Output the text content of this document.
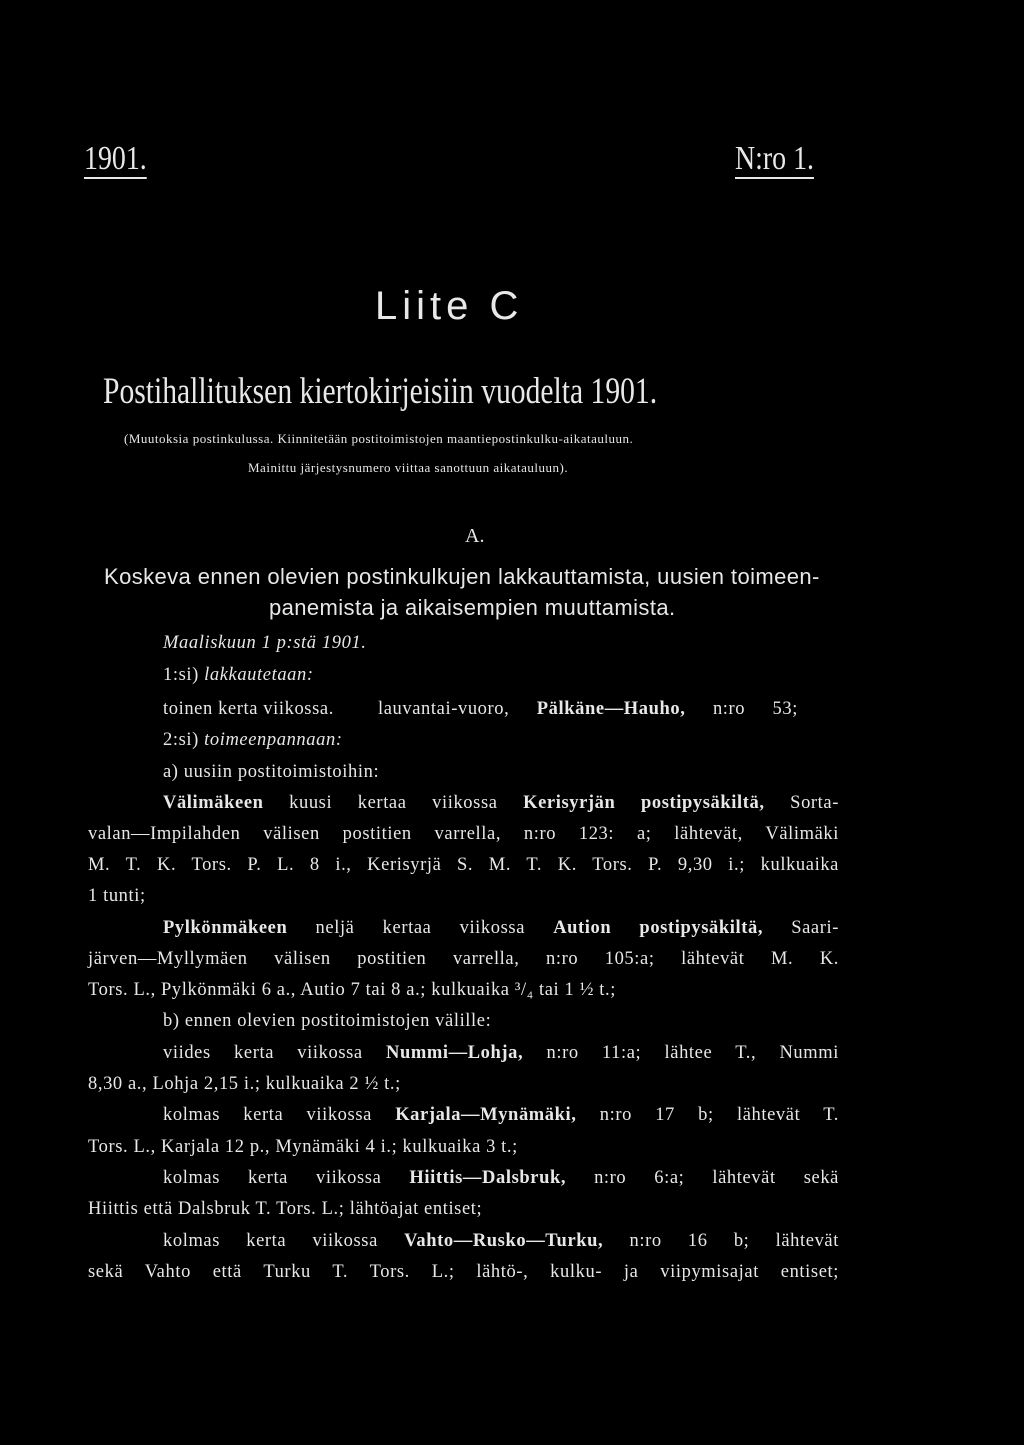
1901.	N:ro 1.
Liite C
Postihallituksen kiertokirjeisiin vuodelta 1901.
(Muutoksia postinkulussa. Kiinnitetään postitoimistojen maantiepostinkulku-aikatauluun.
Mainittu järjestysnumero viittaa sanottuun aikatauluun).
A.
Koskeva ennen olevien postinkulkujen lakkauttamista, uusien toimeen-
panemista ja aikaisempien muuttamista.
Maaliskuun 1 p:stä 1901.
1:si) lakkautetaan:
toinen kerta viikossa. lauvantai-vuoro, Pälkäne—Hauho, n:ro 53;
2:si) toimeenpannaan:
a) uusiin postitoimistoihin:
Välimäkeen kuusi kertaa viikossa Kerisyrjän postipysäkiltä, Sorta-
valan—Impilahden välisen postitien varrella, n:ro 123: a; lähtevät, Välimäki
M. T. K. Tors. P. L. 8 i., Kerisyrjä S. M. T. K. Tors. P. 9,30 i.; kulkuaika
1 tunti;
Pylkönmäkeen neljä kertaa viikossa Aution postipysäkiltä, Saari-
järven—Myllymäen välisen postitien varrella, n:ro 105:a; lähtevät M. K.
Tors. L., Pylkönmäki 6 a., Autio 7 tai 8 a.; kulkuaika ³/₄ tai 1 ½ t.;
b) ennen olevien postitoimistojen välille:
viides kerta viikossa Nummi—Lohja, n:ro 11:a; lähtee T., Nummi
8,30 a., Lohja 2,15 i.; kulkuaika 2 ½ t.;
kolmas kerta viikossa Karjala—Mynämäki, n:ro 17 b; lähtevät T.
Tors. L., Karjala 12 p., Mynämäki 4 i.; kulkuaika 3 t.;
kolmas kerta viikossa Hiittis—Dalsbruk, n:ro 6:a; lähtevät sekä
Hiittis että Dalsbruk T. Tors. L.; lähtöajat entiset;
kolmas kerta viikossa Vahto—Rusko—Turku, n:ro 16 b; lähtevät
sekä Vahto että Turku T. Tors. L.; lähtö-, kulku- ja viipymisajat entiset;
